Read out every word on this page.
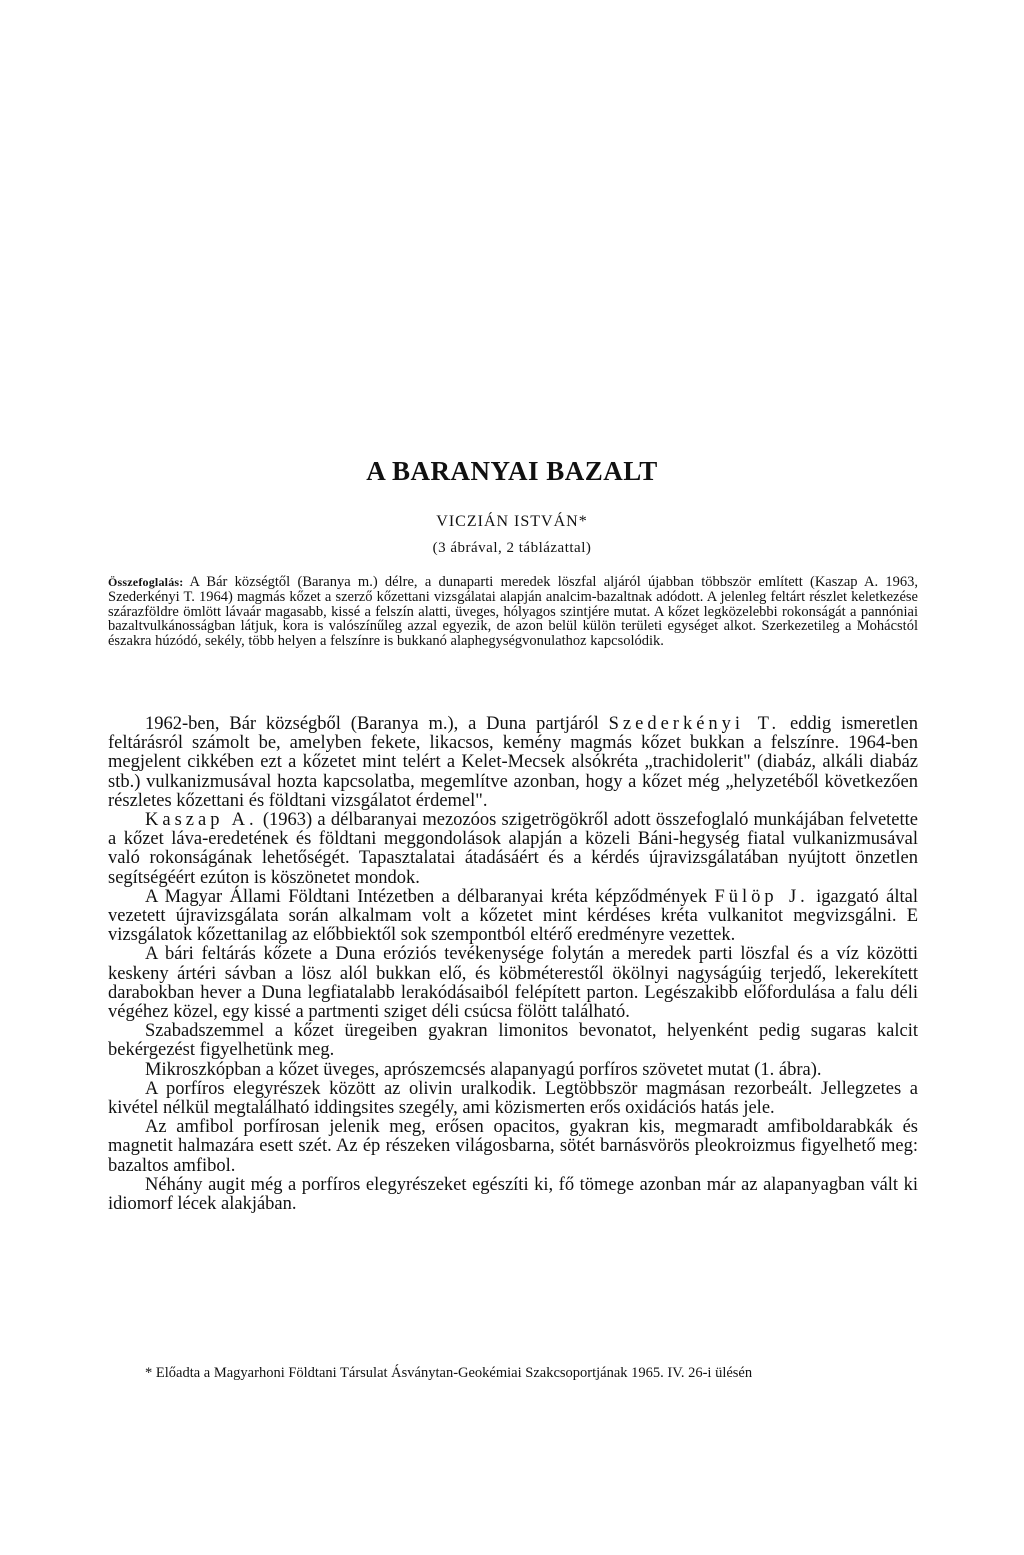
A BARANYAI BAZALT
VICZIÁN ISTVÁN*
(3 ábrával, 2 táblázattal)

Összefoglalás: A Bár községtől (Baranya m.) délre, a dunaparti meredek löszfal aljáról újabban többször említett (Kaszap A. 1963, Szederkényi T. 1964) magmás kőzet a szerző kőzettani vizsgálatai alapján analcim-bazaltnak adódott. A jelenleg feltárt részlet keletkezése szárazföldre ömlött lávaár magasabb, kissé a felszín alatti, üveges, hólyagos szintjére mutat. A kőzet legközelebbi rokonságát a pannóniai bazaltvulkánosságban látjuk, kora is valószínűleg azzal egyezik, de azon belül külön területi egységet alkot. Szerkezetileg a Mohácstól északra húzódó, sekély, több helyen a felszínre is bukkanó alaphegységvonulathoz kapcsolódik.

1962-ben, Bár községből (Baranya m.), a Duna partjáról Szederkényi T. eddig ismeretlen feltárásról számolt be, amelyben fekete, likacsos, kemény magmás kőzet bukkan a felszínre. 1964-ben megjelent cikkében ezt a kőzetet mint telért a Kelet-Mecsek alsókréta „trachidolerit" (diabáz, alkáli diabáz stb.) vulkanizmusával hozta kapcsolatba, megemlítve azonban, hogy a kőzet még „helyzetéből következően részletes kőzettani és földtani vizsgálatot érdemel".

Kaszap A. (1963) a délbaranyai mezozóos szigetrögökről adott összefoglaló munkájában felvetette a kőzet láva-eredetének és földtani meggondolások alapján a közeli Báni-hegység fiatal vulkanizmusával való rokonságának lehetőségét. Tapasztalatai átadásáért és a kérdés újravizsgálatában nyújtott önzetlen segítségéért ezúton is köszönetet mondok.

A Magyar Állami Földtani Intézetben a délbaranyai kréta képződmények Fülöp J. igazgató által vezetett újravizsgálata során alkalmam volt a kőzetet mint kérdéses kréta vulkanitot megvizsgálni. E vizsgálatok kőzettanilag az előbbiektől sok szempontból eltérő eredményre vezettek.

A bári feltárás kőzete a Duna eróziós tevékenysége folytán a meredek parti löszfal és a víz közötti keskeny ártéri sávban a lösz alól bukkan elő, és köbméterestől ökölnyi nagyságúig terjedő, lekerekített darabokban hever a Duna legfiatalabb lerakódásaiból felépített parton. Legészakibb előfordulása a falu déli végéhez közel, egy kissé a partmenti sziget déli csúcsa fölött található.

Szabadszemmel a kőzet üregeiben gyakran limonitos bevonatot, helyenként pedig sugaras kalcit bekérgezést figyelhetünk meg.

Mikroszkópban a kőzet üveges, aprószemcsés alapanyagú porfíros szövetet mutat (1. ábra).

A porfíros elegyrészek között az olivin uralkodik. Legtöbbször magmásan rezorbeált. Jellegzetes a kivétel nélkül megtalálható iddingsites szegély, ami közismerten erős oxidációs hatás jele.

Az amfibol porfírosan jelenik meg, erősen opacitos, gyakran kis, megmaradt amfiboldarabkák és magnetit halmazára esett szét. Az ép részeken világosbarna, sötét barnásvörös pleokroizmus figyelhető meg: bazaltos amfibol.

Néhány augit még a porfíros elegyrészeket egészíti ki, fő tömege azonban már az alapanyagban vált ki idiomorf lécek alakjában.

* Előadta a Magyarhoni Földtani Társulat Ásványtan-Geokémiai Szakcsoportjának 1965. IV. 26-i ülésén
